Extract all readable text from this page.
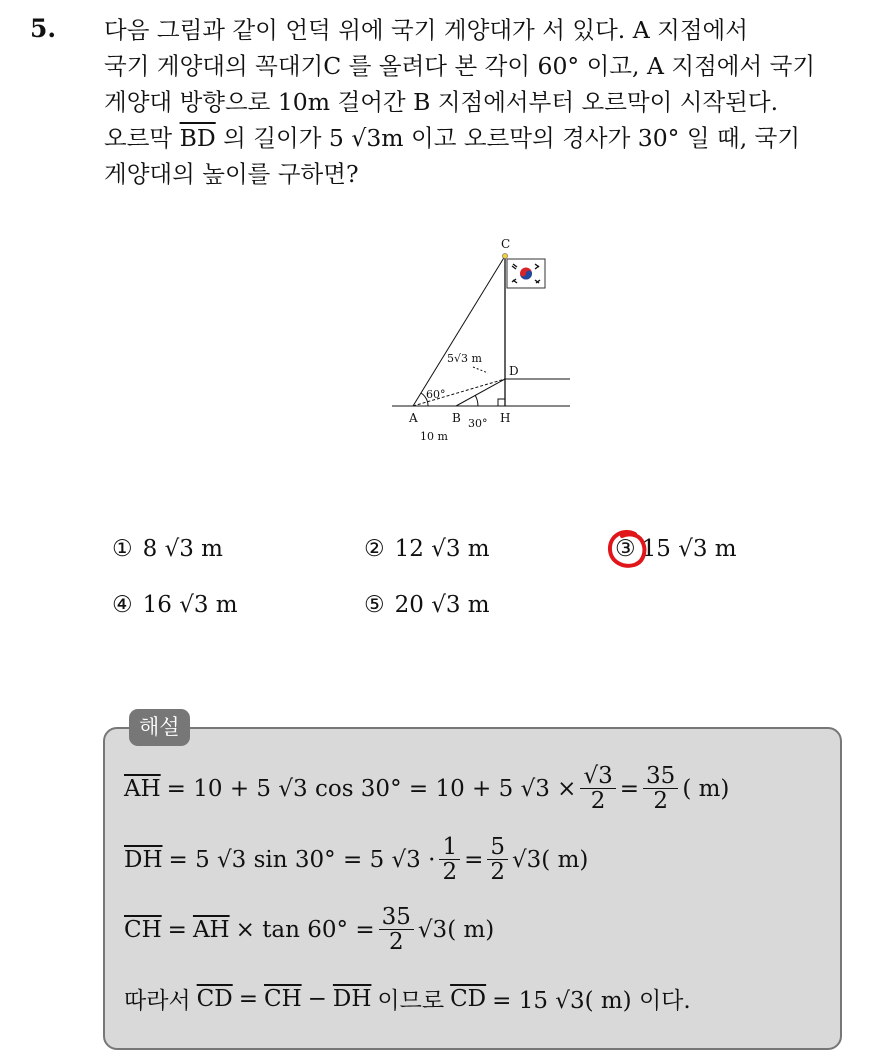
5. 다음 그림과 같이 언덕 위에 국기 게양대가 서 있다. A 지점에서
국기 게양대의 꼭대기C 를 올려다 본 각이 60° 이고, A 지점에서 국기
게양대 방향으로 10m 걸어간 B 지점에서부터 오르막이 시작된다.
오르막 $\overline{BD}$ 의 길이가 5 √3m 이고 오르막의 경사가 30° 일 때, 국기
게양대의 높이를 구하면?
C
D
A	B	H
5√3 m
60°
30°
10 m
① 8 √3 m	② 12 √3 m	③ 15 √3 m
④ 16 √3 m	⑤ 20 √3 m
해설
$\overline{AH} = 10 + 5$ √3 cos 30° = 10 + 5 $√3 \times \frac{√3}{2} = \frac{35}{2}$ ( m)
$\overline{DH} = 5$ √3 sin 30° = 5 $√3 \cdot \frac{1}{2} = \frac{5}{2} √3$( m)
$\overline{CH} = \overline{AH} \times \tan 60^\circ = \frac{35}{2} √3$( m)
따라서 $\overline{CD} = \overline{CH} - \overline{DH}$ 이므로 $\overline{CD} = 15$ √3( m) 이다.
